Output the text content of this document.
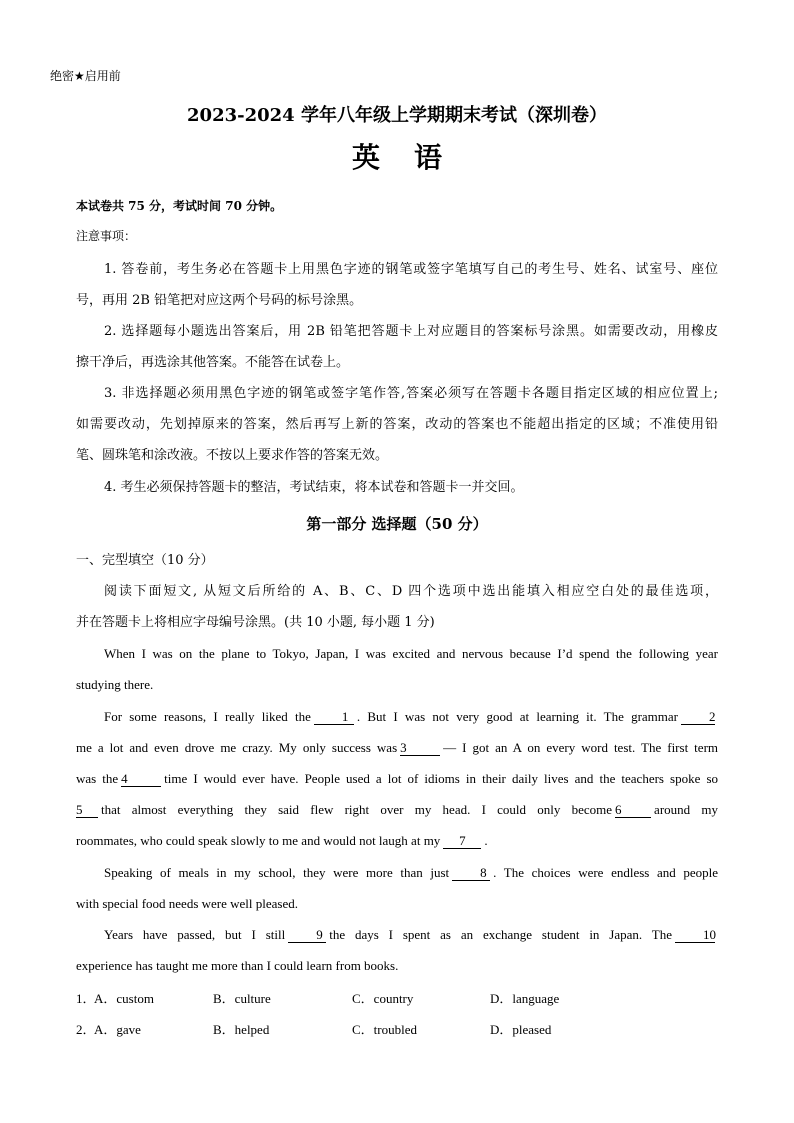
绝密★启用前
2023-2024 学年八年级上学期期末考试（深圳卷）
英 语
本试卷共 75 分，考试时间 70 分钟。
注意事项：
1. 答卷前，考生务必在答题卡上用黑色字迹的钢笔或签字笔填写自己的考生号、姓名、试室号、座位
号，再用 2B 铅笔把对应这两个号码的标号涂黑。
2. 选择题每小题选出答案后，用 2B 铅笔把答题卡上对应题目的答案标号涂黑。如需要改动，用橡皮
擦干净后，再选涂其他答案。不能答在试卷上。
3. 非选择题必须用黑色字迹的钢笔或签字笔作答,答案必须写在答题卡各题目指定区域的相应位置上;
如需要改动，先划掉原来的答案，然后再写上新的答案，改动的答案也不能超出指定的区域；不准使用铅
笔、圆珠笔和涂改液。不按以上要求作答的答案无效。
4. 考生必须保持答题卡的整洁，考试结束，将本试卷和答题卡一并交回。
第一部分 选择题（50 分）
一、完型填空（10 分）
阅读下面短文, 从短文后所给的 A、B、C、D 四个选项中选出能填入相应空白处的最佳选项，
并在答题卡上将相应字母编号涂黑。(共 10 小题, 每小题 1 分)
When I was on the plane to Tokyo, Japan, I was excited and nervous because I’d spend the following year
studying there.
For some reasons, I really liked the 1 . But I was not very good at learning it. The grammar 2
me a lot and even drove me crazy. My only success was 3	— I got an A on every word test. The first term
was the 4	time I would ever have. People used a lot of idioms in their daily lives and the teachers spoke so
5 that almost everything they said flew right over my head. I could only become 6	around my
roommates, who could speak slowly to me and would not laugh at my 7 .
Speaking of meals in my school, they were more than just 8 . The choices were endless and people
with special food needs were well pleased.
Years have passed, but I still 9 the days I spent as an exchange student in Japan. The 10
experience has taught me more than I could learn from books.
1．
A．custom	B．culture	C．country	D．language
2．
A．gave	B．helped	C．troubled	D．pleased
